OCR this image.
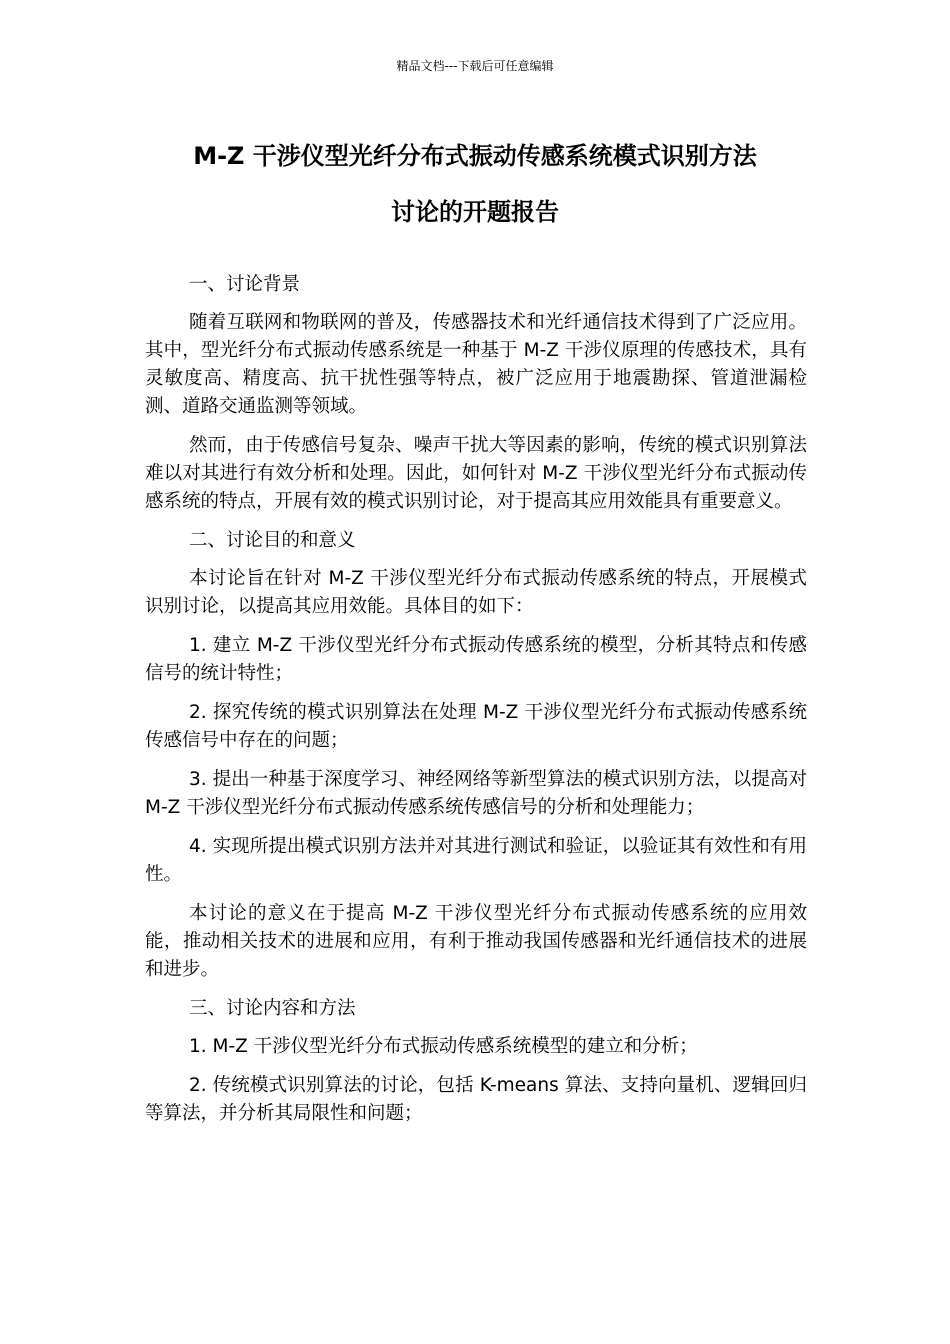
精品文档---下载后可任意编辑
M-Z 干涉仪型光纤分布式振动传感系统模式识别方法
讨论的开题报告

一、讨论背景

随着互联网和物联网的普及，传感器技术和光纤通信技术得到了广泛应用。其中，型光纤分布式振动传感系统是一种基于 M-Z 干涉仪原理的传感技术，具有灵敏度高、精度高、抗干扰性强等特点，被广泛应用于地震勘探、管道泄漏检测、道路交通监测等领域。

然而，由于传感信号复杂、噪声干扰大等因素的影响，传统的模式识别算法难以对其进行有效分析和处理。因此，如何针对 M-Z 干涉仪型光纤分布式振动传感系统的特点，开展有效的模式识别讨论，对于提高其应用效能具有重要意义。

二、讨论目的和意义

本讨论旨在针对 M-Z 干涉仪型光纤分布式振动传感系统的特点，开展模式识别讨论，以提高其应用效能。具体目的如下：

1. 建立 M-Z 干涉仪型光纤分布式振动传感系统的模型，分析其特点和传感信号的统计特性；

2. 探究传统的模式识别算法在处理 M-Z 干涉仪型光纤分布式振动传感系统传感信号中存在的问题；

3. 提出一种基于深度学习、神经网络等新型算法的模式识别方法，以提高对 M-Z 干涉仪型光纤分布式振动传感系统传感信号的分析和处理能力；

4. 实现所提出模式识别方法并对其进行测试和验证，以验证其有效性和有用性。

本讨论的意义在于提高 M-Z 干涉仪型光纤分布式振动传感系统的应用效能，推动相关技术的进展和应用，有利于推动我国传感器和光纤通信技术的进展和进步。

三、讨论内容和方法

1. M-Z 干涉仪型光纤分布式振动传感系统模型的建立和分析；

2. 传统模式识别算法的讨论，包括 K-means 算法、支持向量机、逻辑回归等算法，并分析其局限性和问题；
